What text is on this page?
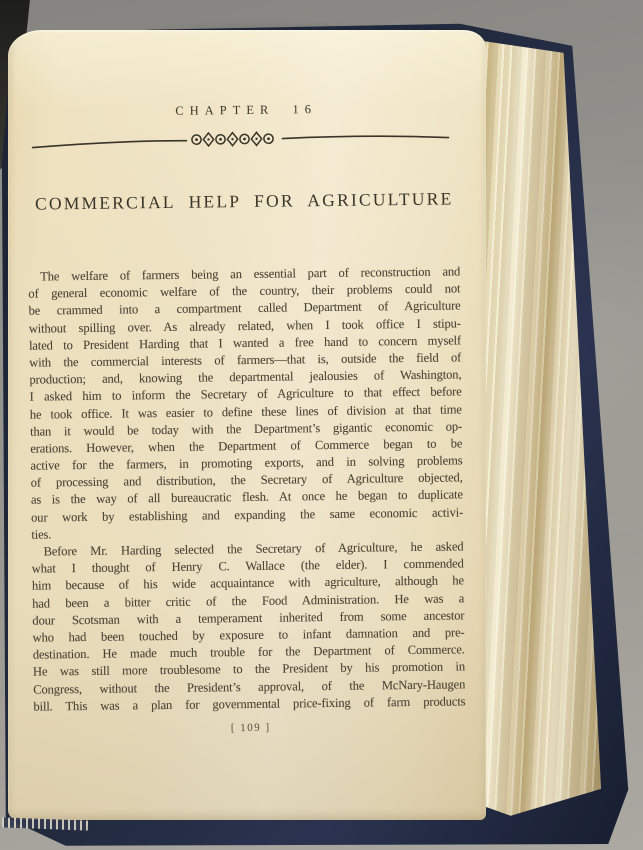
CHAPTER 16
COMMERCIAL HELP FOR AGRICULTURE
The welfare of farmers being an essential part of reconstruction and
of general economic welfare of the country, their problems could not
be crammed into a compartment called Department of Agriculture
without spilling over. As already related, when I took office I stipu-
lated to President Harding that I wanted a free hand to concern myself
with the commercial interests of farmers—that is, outside the field of
production; and, knowing the departmental jealousies of Washington,
I asked him to inform the Secretary of Agriculture to that effect before
he took office. It was easier to define these lines of division at that time
than it would be today with the Department’s gigantic economic op-
erations. However, when the Department of Commerce began to be
active for the farmers, in promoting exports, and in solving problems
of processing and distribution, the Secretary of Agriculture objected,
as is the way of all bureaucratic flesh. At once he began to duplicate
our work by establishing and expanding the same economic activi-
ties.
Before Mr. Harding selected the Secretary of Agriculture, he asked
what I thought of Henry C. Wallace (the elder). I commended
him because of his wide acquaintance with agriculture, although he
had been a bitter critic of the Food Administration. He was a
dour Scotsman with a temperament inherited from some ancestor
who had been touched by exposure to infant damnation and pre-
destination. He made much trouble for the Department of Commerce.
He was still more troublesome to the President by his promotion in
Congress, without the President’s approval, of the McNary-Haugen
bill. This was a plan for governmental price-fixing of farm products
[ 109 ]
